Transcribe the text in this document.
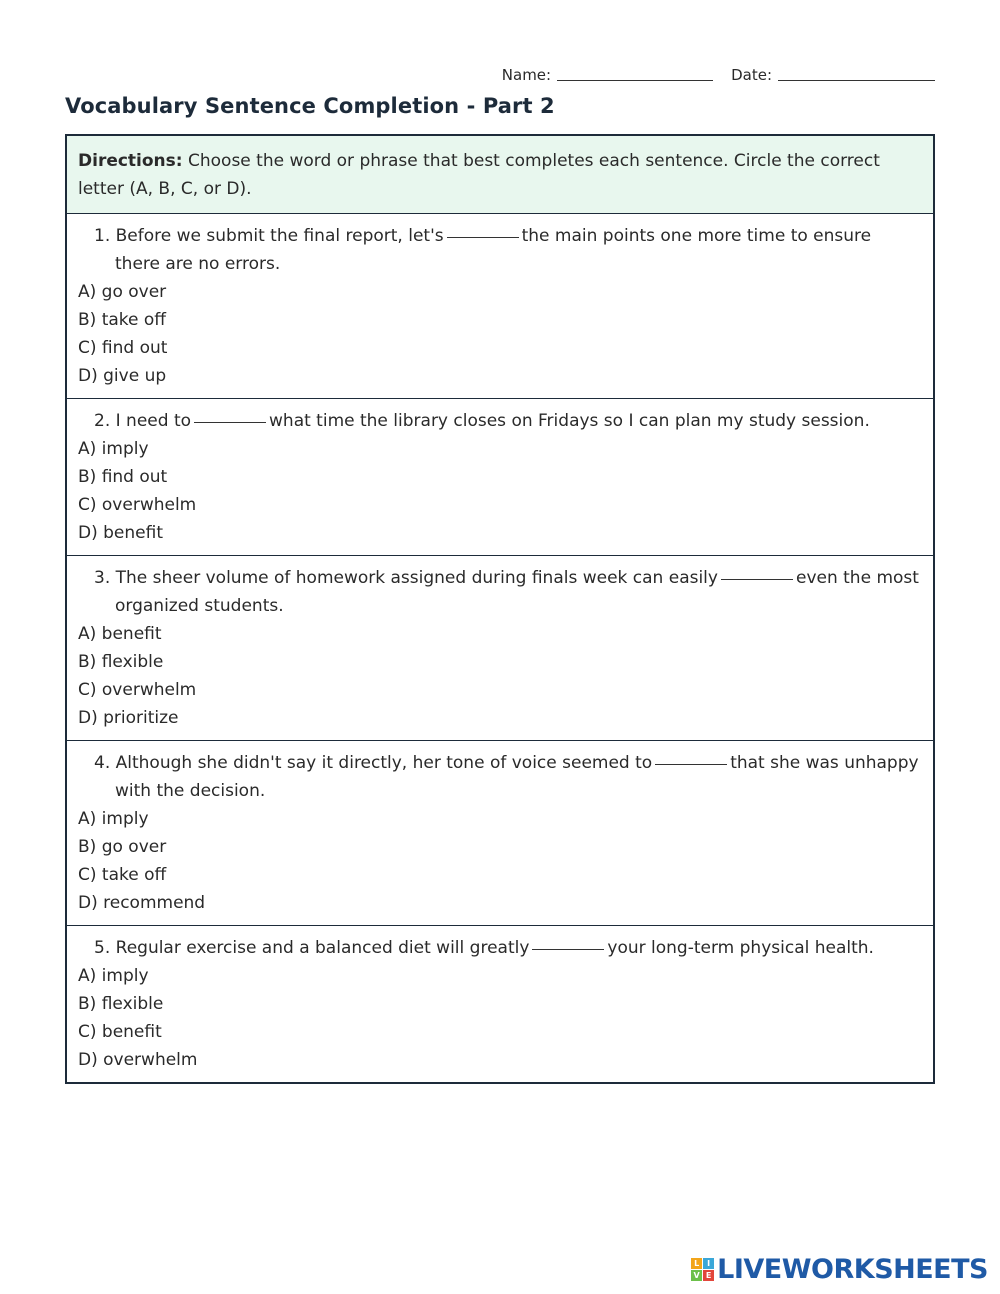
Name:	Date:
Vocabulary Sentence Completion - Part 2
Directions: Choose the word or phrase that best completes each sentence. Circle the correct letter (A, B, C, or D).
1. Before we submit the final report, let's	the main points one more time to ensure there are no errors.
A) go over
B) take off
C) find out
D) give up
2. I need to	what time the library closes on Fridays so I can plan my study session.
A) imply
B) find out
C) overwhelm
D) benefit
3. The sheer volume of homework assigned during finals week can easily	even the most organized students.
A) benefit
B) flexible
C) overwhelm
D) prioritize
4. Although she didn't say it directly, her tone of voice seemed to	that she was unhappy with the decision.
A) imply
B) go over
C) take off
D) recommend
5. Regular exercise and a balanced diet will greatly	your long-term physical health.
A) imply
B) flexible
C) benefit
D) overwhelm
L I
V E LIVEWORKSHEETS
